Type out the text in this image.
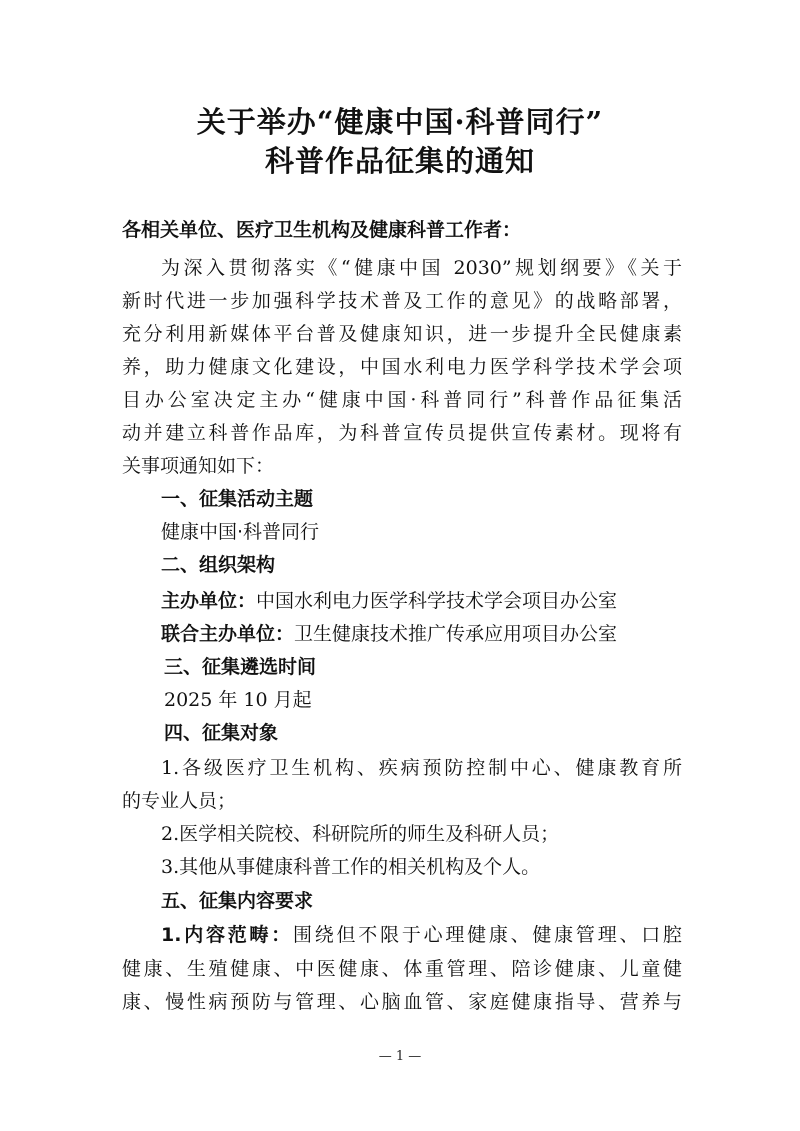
关于举办“健康中国·科普同行”
科普作品征集的通知
各相关单位、医疗卫生机构及健康科普工作者：
为深入贯彻落实《“健康中国 2030”规划纲要》《关于
新时代进一步加强科学技术普及工作的意见》的战略部署，
充分利用新媒体平台普及健康知识，进一步提升全民健康素
养，助力健康文化建设，中国水利电力医学科学技术学会项
目办公室决定主办“健康中国·科普同行”科普作品征集活
动并建立科普作品库，为科普宣传员提供宣传素材。现将有
关事项通知如下：
一、征集活动主题
健康中国·科普同行
二、组织架构
主办单位：中国水利电力医学科学技术学会项目办公室
联合主办单位：卫生健康技术推广传承应用项目办公室
三、征集遴选时间
2025 年 10 月起
四、征集对象
1.各级医疗卫生机构、疾病预防控制中心、健康教育所
的专业人员；
2.医学相关院校、科研院所的师生及科研人员；
3.其他从事健康科普工作的相关机构及个人。
五、征集内容要求
1.内容范畴：围绕但不限于心理健康、健康管理、口腔
健康、生殖健康、中医健康、体重管理、陪诊健康、儿童健
康、慢性病预防与管理、心脑血管、家庭健康指导、营养与
— 1 —
